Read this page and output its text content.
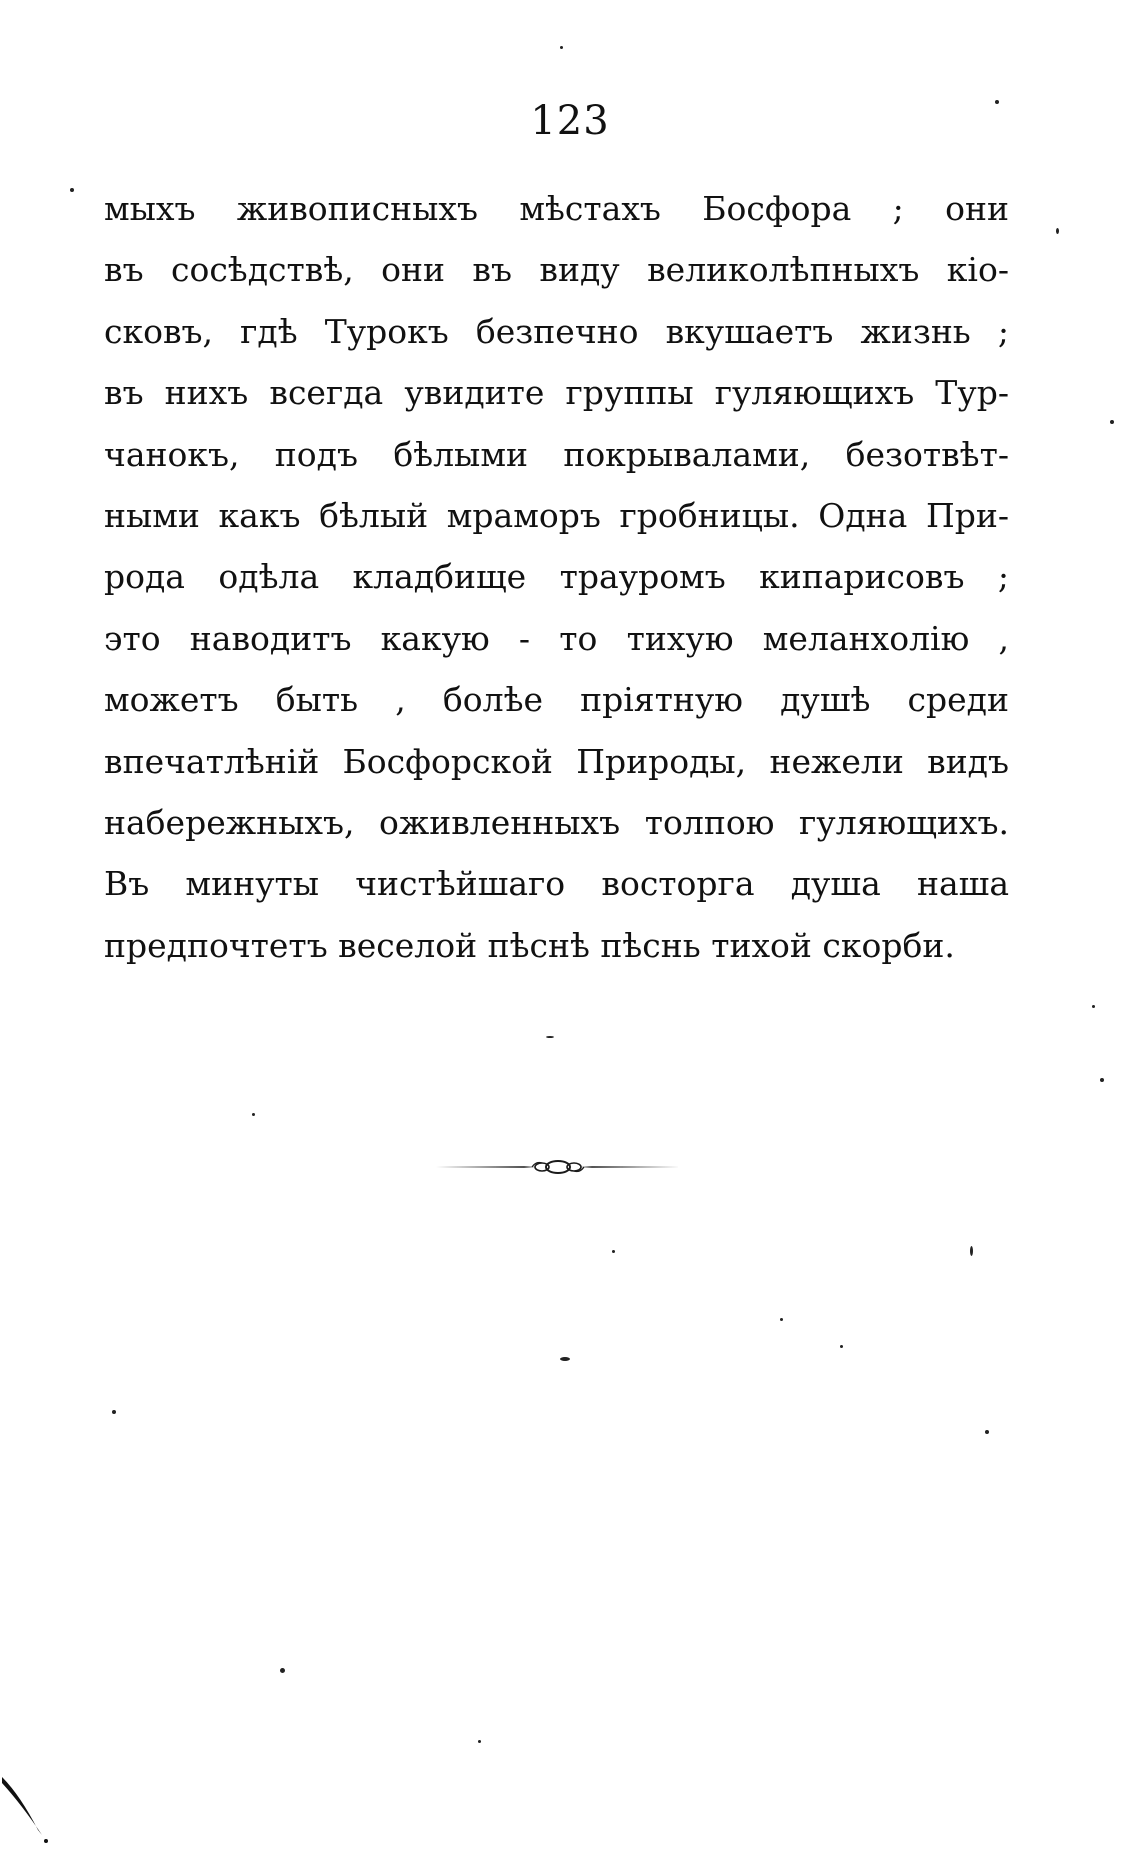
123
мыхъ живописныхъ мѣстахъ Босфора ; они
въ сосѣдствѣ, они въ виду великолѣпныхъ кіо-
сковъ, гдѣ Турокъ безпечно вкушаетъ жизнь ;
въ нихъ всегда увидите группы гуляющихъ Тур-
чанокъ, подъ бѣлыми покрывалами, безотвѣт-
ными какъ бѣлый мраморъ гробницы. Одна При-
рода одѣла кладбище трауромъ кипарисовъ ;
это наводитъ какую - то тихую меланхолію ,
можетъ быть , болѣе пріятную душѣ среди
впечатлѣній Босфорской Природы, нежели видъ
набережныхъ, оживленныхъ толпою гуляющихъ.
Въ минуты чистѣйшаго восторга душа наша
предпочтетъ веселой пѣснѣ пѣснь тихой скорби.
